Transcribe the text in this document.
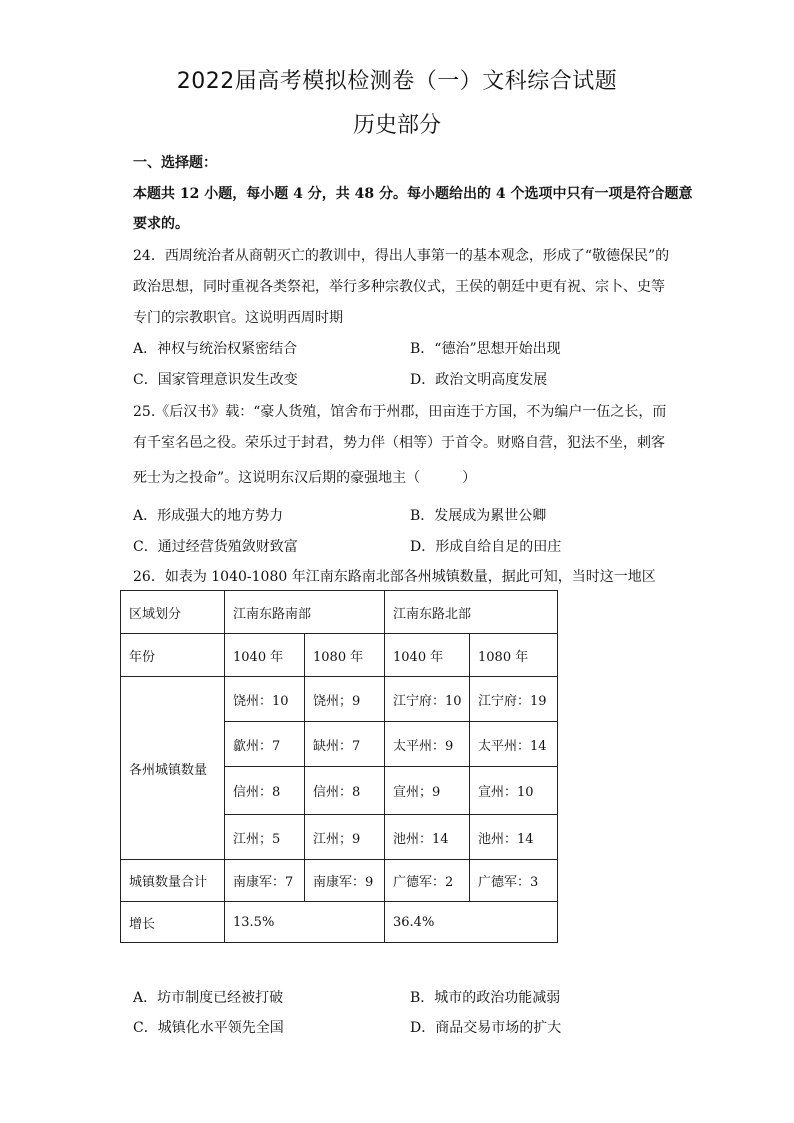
2022届高考模拟检测卷（一）文科综合试题
历史部分
一、选择题：
本题共 12 小题，每小题 4 分，共 48 分。每小题给出的 4 个选项中只有一项是符合题意
要求的。
24．西周统治者从商朝灭亡的教训中，得出人事第一的基本观念，形成了“敬德保民”的
政治思想，同时重视各类祭祀，举行多种宗教仪式，王侯的朝廷中更有祝、宗卜、史等
专门的宗教职官。这说明西周时期
A．神权与统治权紧密结合	B．“德治”思想开始出现
C．国家管理意识发生改变	D．政治文明高度发展
25.《后汉书》载：“豪人货殖，馆舍布于州郡，田亩连于方国，不为编户一伍之长，而
有千室名邑之役。荣乐过于封君，势力伴（相等）于首令。财赂自营，犯法不坐，刺客
死士为之投命”。这说明东汉后期的豪强地主（　　　）
A．形成强大的地方势力	B．发展成为累世公卿
C．通过经营货殖敛财致富	D．形成自给自足的田庄
26．如表为 1040-1080 年江南东路南北部各州城镇数量，据此可知，当时这一地区
区域划分	江南东路南部		江南东路北部	
年份	1040 年	1080 年	1040 年	1080 年
各州城镇数量	饶州：10	饶州；9	江宁府：10	江宁府：19
	歙州：7	缺州：7	太平州：9	太平州：14
	信州：8	信州：8	宣州；9	宣州：10
	江州；5	江州；9	池州：14	池州：14
城镇数量合计	南康军：7	南康军：9	广德军：2	广德军：3
增长	13.5%		36.4%	
A．坊市制度已经被打破	B．城市的政治功能减弱
C．城镇化水平领先全国	D．商品交易市场的扩大
